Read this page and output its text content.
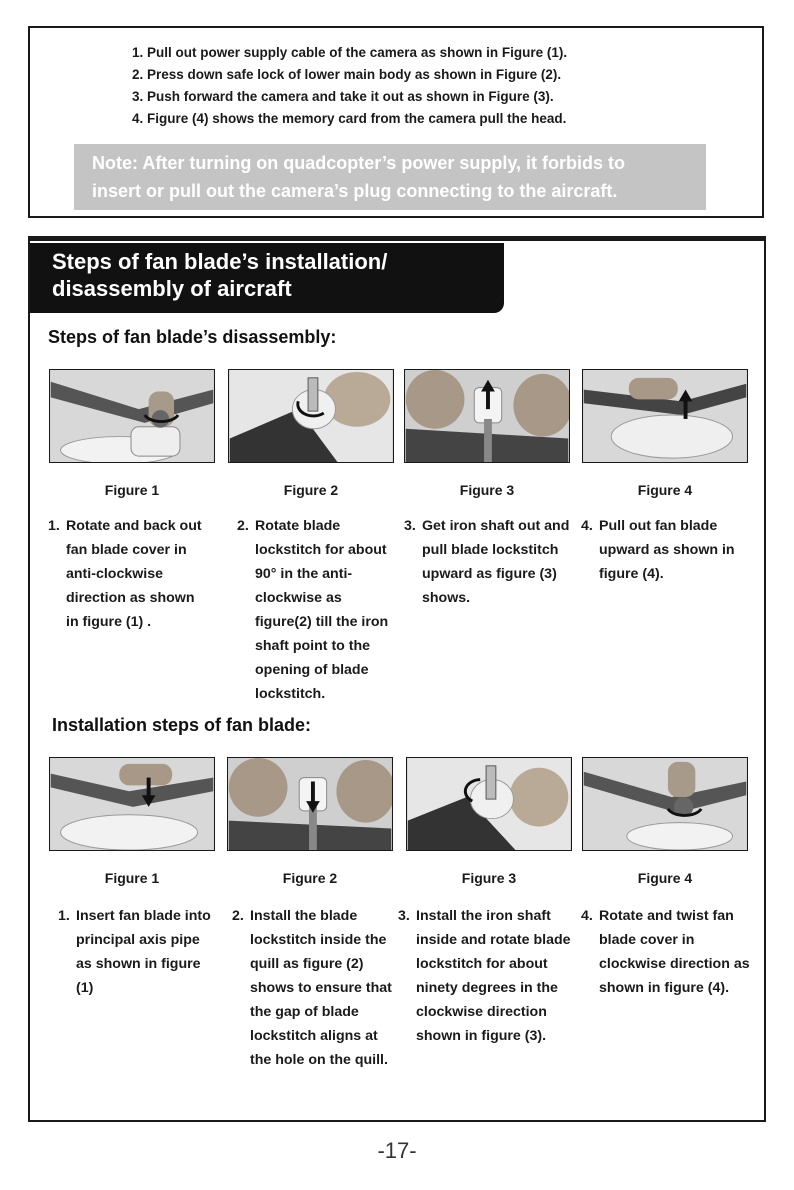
1. Pull out power supply cable of the camera as shown in Figure (1).
2. Press down safe lock of lower main body as shown in Figure (2).
3. Push forward the camera and take it out as shown in Figure (3).
4. Figure (4) shows the memory card from the camera pull the head.
Note: After turning on quadcopter’s power supply, it forbids to
insert or pull out the camera’s plug connecting to the aircraft.
Steps of fan blade’s installation/
disassembly of aircraft
Steps of fan blade’s disassembly:
Figure 1	Figure 2	Figure 3	Figure 4
1. Rotate and back out fan blade cover in anti-clockwise direction as shown in figure (1) .
2. Rotate blade lockstitch for about 90° in the anti-clockwise as figure(2) till the iron shaft point to the opening of blade lockstitch.
3. Get iron shaft out and pull blade lockstitch upward as figure (3) shows.
4. Pull out fan blade upward as shown in figure (4).
Installation steps of fan blade:
Figure 1	Figure 2	Figure 3	Figure 4
1. Insert fan blade into principal axis pipe as shown in figure (1)
2. Install the blade lockstitch inside the quill as figure (2) shows to ensure that the gap of blade lockstitch aligns at the hole on the quill.
3. Install the iron shaft inside and rotate blade lockstitch for about ninety degrees in the clockwise direction shown in figure (3).
4. Rotate and twist fan blade cover in clockwise direction as shown in figure (4).
-17-
